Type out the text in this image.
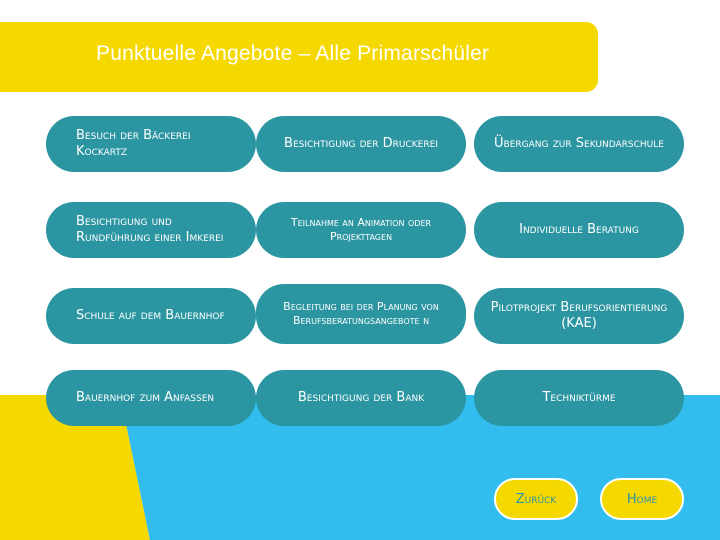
Punktuelle Angebote – Alle Primarschüler
Besuch der Bäckerei Kockartz
Besichtigung der Druckerei	Übergang zur Sekundarschule
Besichtigung und Rundführung einer Imkerei
Teilnahme an Animation oder Projekttagen	Individuelle Beratung
Schule auf dem Bauernhof
Begleitung bei der Planung von Berufsberatungsangebote n
Pilotprojekt Berufsorientierung (KAE)
Bauernhof zum Anfassen	Besichtigung der Bank	Techniktürme
Zurück	Home
